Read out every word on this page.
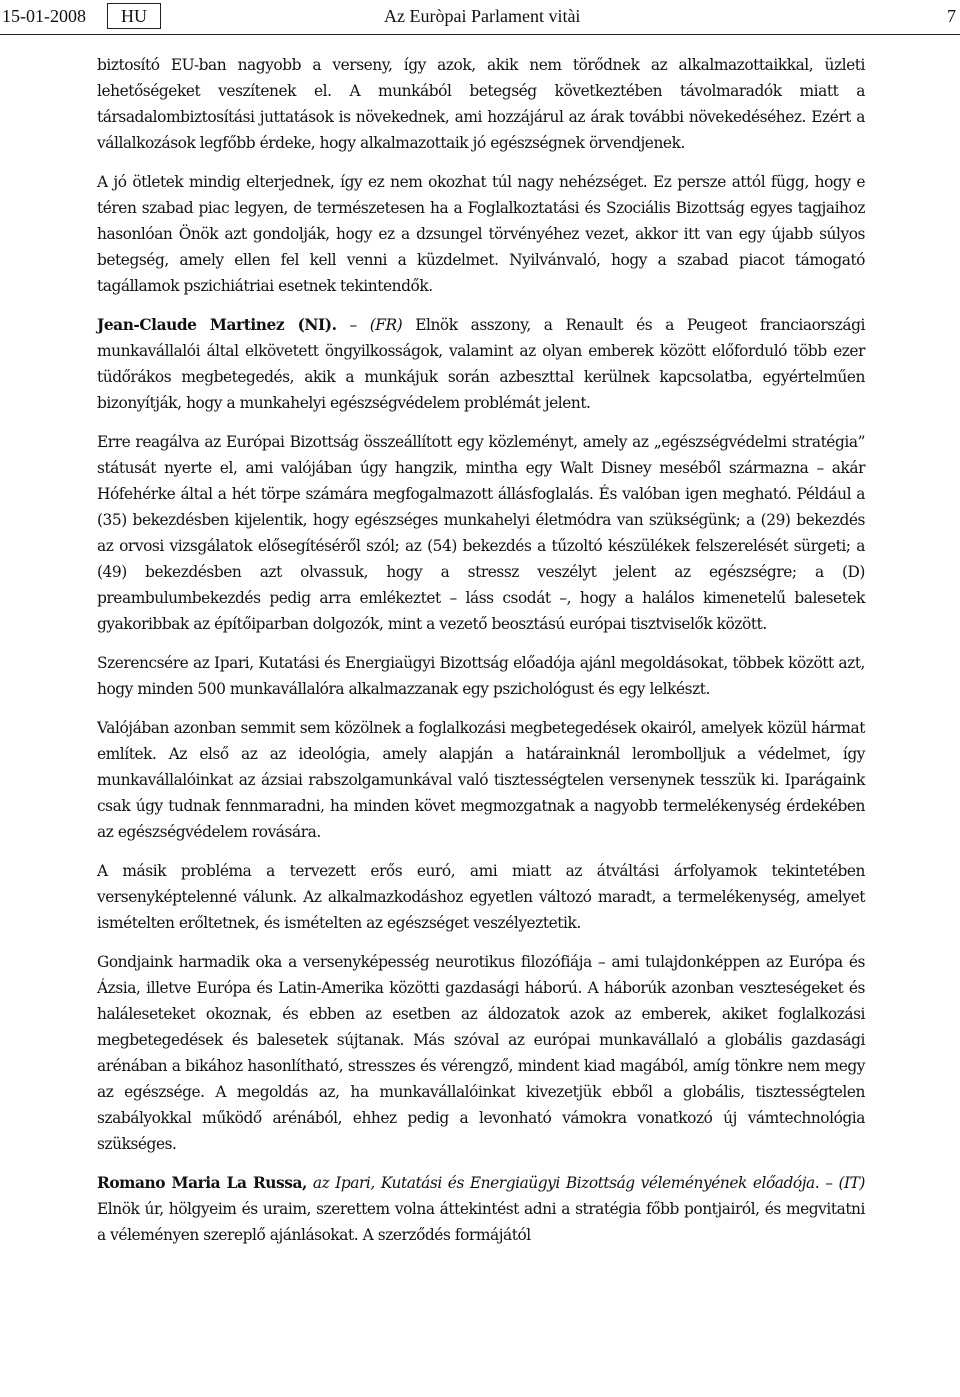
15-01-2008	HU	Az Euròpai Parlament vitài	7

biztosító EU-ban nagyobb a verseny, így azok, akik nem törődnek az alkalmazottaikkal, üzleti lehetőségeket veszítenek el. A munkából betegség következtében távolmaradók miatt a társadalombiztosítási juttatások is növekednek, ami hozzájárul az árak további növekedéséhez. Ezért a vállalkozások legfőbb érdeke, hogy alkalmazottaik jó egészségnek örvendjenek.

A jó ötletek mindig elterjednek, így ez nem okozhat túl nagy nehézséget. Ez persze attól függ, hogy e téren szabad piac legyen, de természetesen ha a Foglalkoztatási és Szociális Bizottság egyes tagjaihoz hasonlóan Önök azt gondolják, hogy ez a dzsungel törvényéhez vezet, akkor itt van egy újabb súlyos betegség, amely ellen fel kell venni a küzdelmet. Nyilvánvaló, hogy a szabad piacot támogató tagállamok pszichiátriai esetnek tekintendők.

Jean-Claude Martinez (NI). – (FR) Elnök asszony, a Renault és a Peugeot franciaországi munkavállalói által elkövetett öngyilkosságok, valamint az olyan emberek között előforduló több ezer tüdőrákos megbetegedés, akik a munkájuk során azbeszttal kerülnek kapcsolatba, egyértelműen bizonyítják, hogy a munkahelyi egészségvédelem problémát jelent.

Erre reagálva az Európai Bizottság összeállított egy közleményt, amely az „egészségvédelmi stratégia” státusát nyerte el, ami valójában úgy hangzik, mintha egy Walt Disney meséből származna – akár Hófehérke által a hét törpe számára megfogalmazott állásfoglalás. És valóban igen megható. Például a (35) bekezdésben kijelentik, hogy egészséges munkahelyi életmódra van szükségünk; a (29) bekezdés az orvosi vizsgálatok elősegítéséről szól; az (54) bekezdés a tűzoltó készülékek felszerelését sürgeti; a (49) bekezdésben azt olvassuk, hogy a stressz veszélyt jelent az egészségre; a (D) preambulumbekezdés pedig arra emlékeztet – láss csodát –, hogy a halálos kimenetelű balesetek gyakoribbak az építőiparban dolgozók, mint a vezető beosztású európai tisztviselők között.

Szerencsére az Ipari, Kutatási és Energiaügyi Bizottság előadója ajánl megoldásokat, többek között azt, hogy minden 500 munkavállalóra alkalmazzanak egy pszichológust és egy lelkészt.

Valójában azonban semmit sem közölnek a foglalkozási megbetegedések okairól, amelyek közül hármat említek. Az első az az ideológia, amely alapján a határainknál lerombolljuk a védelmet, így munkavállalóinkat az ázsiai rabszolgamunkával való tisztességtelen versenynek tesszük ki. Iparágaink csak úgy tudnak fennmaradni, ha minden követ megmozgatnak a nagyobb termelékenység érdekében az egészségvédelem rovására.

A másik probléma a tervezett erős euró, ami miatt az átváltási árfolyamok tekintetében versenyképtelenné válunk. Az alkalmazkodáshoz egyetlen változó maradt, a termelékenység, amelyet ismételten erőltetnek, és ismételten az egészséget veszélyeztetik.

Gondjaink harmadik oka a versenyképesség neurotikus filozófiája – ami tulajdonképpen az Európa és Ázsia, illetve Európa és Latin-Amerika közötti gazdasági háború. A háborúk azonban veszteségeket és haláleseteket okoznak, és ebben az esetben az áldozatok azok az emberek, akiket foglalkozási megbetegedések és balesetek sújtanak. Más szóval az európai munkavállaló a globális gazdasági arénában a bikához hasonlítható, stresszes és vérengző, mindent kiad magából, amíg tönkre nem megy az egészsége. A megoldás az, ha munkavállalóinkat kivezetjük ebből a globális, tisztességtelen szabályokkal működő arénából, ehhez pedig a levonható vámokra vonatkozó új vámtechnológia szükséges.

Romano Maria La Russa, az Ipari, Kutatási és Energiaügyi Bizottság véleményének előadója. – (IT) Elnök úr, hölgyeim és uraim, szerettem volna áttekintést adni a stratégia főbb pontjairól, és megvitatni a véleményen szereplő ajánlásokat. A szerződés formájától
